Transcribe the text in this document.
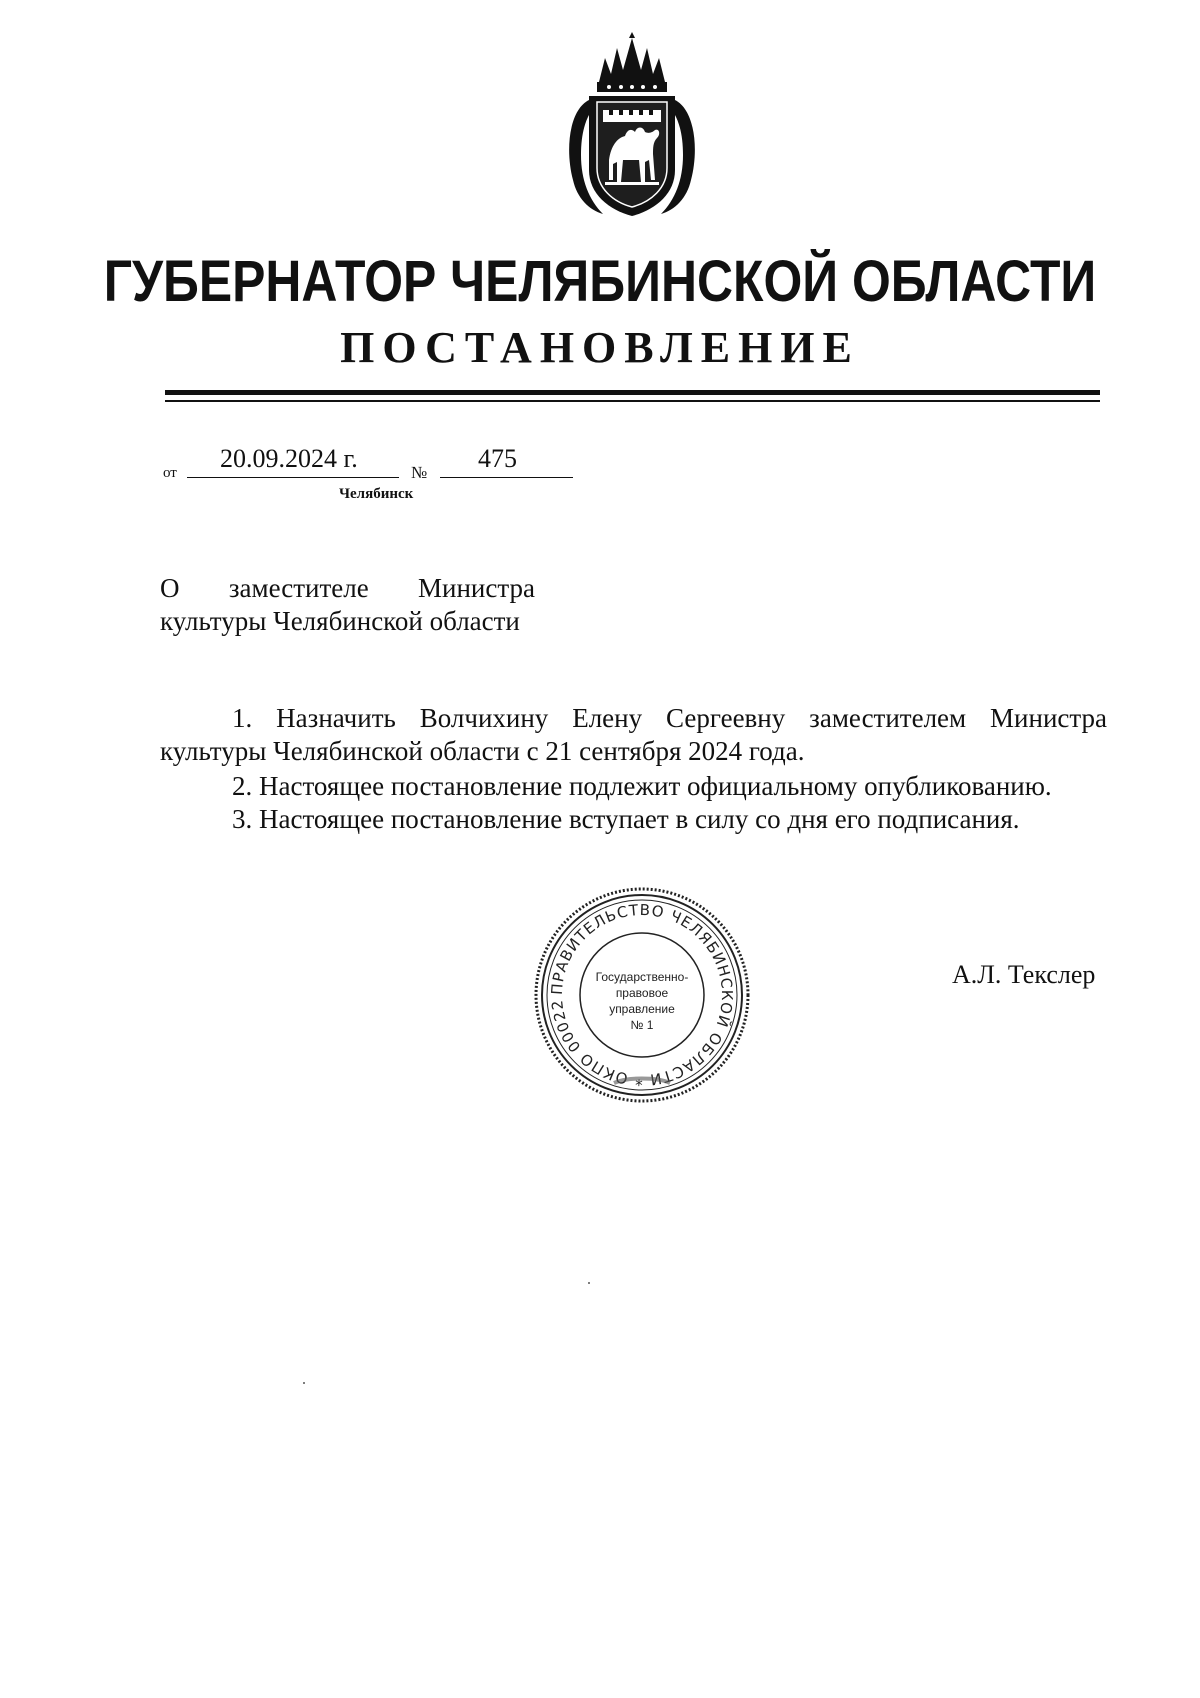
ГУБЕРНАТОР ЧЕЛЯБИНСКОЙ ОБЛАСТИ
ПОСТАНОВЛЕНИЕ
от 20.09.2024 г.	№ 475
Челябинск
О заместителе Министра
культуры Челябинской области
1. Назначить Волчихину Елену Сергеевну заместителем Министра культуры Челябинской области с 21 сентября 2024 года.
2. Настоящее постановление подлежит официальному опубликованию.
3. Настоящее постановление вступает в силу со дня его подписания.
ПРАВИТЕЛЬСТВО ЧЕЛЯБИНСКОЙ ОБЛАСТИ * ОКПО 00022
Государственно-
правовое
управление
№ 1
А.Л. Текслер
